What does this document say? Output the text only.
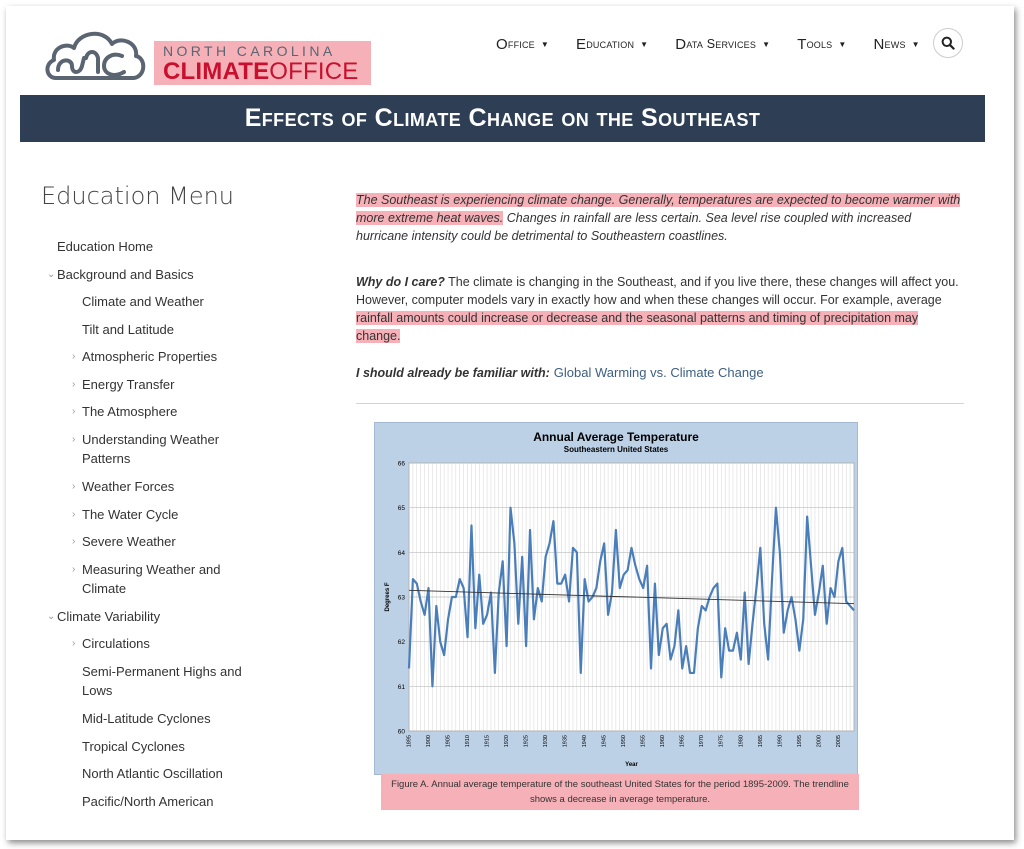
NORTH CAROLINA
CLIMATEOFFICE
O ffice ▼ E ducation ▼ D ata Services ▼ T ools ▼ N ews ▼
Effects of Climate Change on the Southeast
Education Menu
Education Home
⌄ Background and Basics
Climate and Weather
Tilt and Latitude
› Atmospheric Properties
› Energy Transfer
› The Atmosphere
› Understanding Weather
Patterns
› Weather Forces
› The Water Cycle
› Severe Weather
› Measuring Weather and
Climate
⌄ Climate Variability
› Circulations
Semi-Permanent Highs and
Lows
Mid-Latitude Cyclones
Tropical Cyclones
North Atlantic Oscillation
Pacific/North American
The Southeast is experiencing climate change. Generally, temperatures are expected to become warmer with more extreme heat waves. Changes in rainfall are less certain. Sea level rise coupled with increased hurricane intensity could be detrimental to Southeastern coastlines.
Why do I care? The climate is changing in the Southeast, and if you live there, these changes will affect you. However, computer models vary in exactly how and when these changes will occur. For example, average rainfall amounts could increase or decrease and the seasonal patterns and timing of precipitation may change.
I should already be familiar with: Global Warming vs. Climate Change
Annual Average Temperature
Southeastern United States
60
61
62
63
64
65
66
1895 1900 1905 1910 1915 1920 1925 1930 1935 1940 1945 1950 1955 1960 1965 1970 1975 1980 1985 1990 1995 2000 2005
Degrees F
Year
Figure A. Annual average temperature of the southeast United States for the period 1895-2009. The trendline shows a decrease in average temperature.
